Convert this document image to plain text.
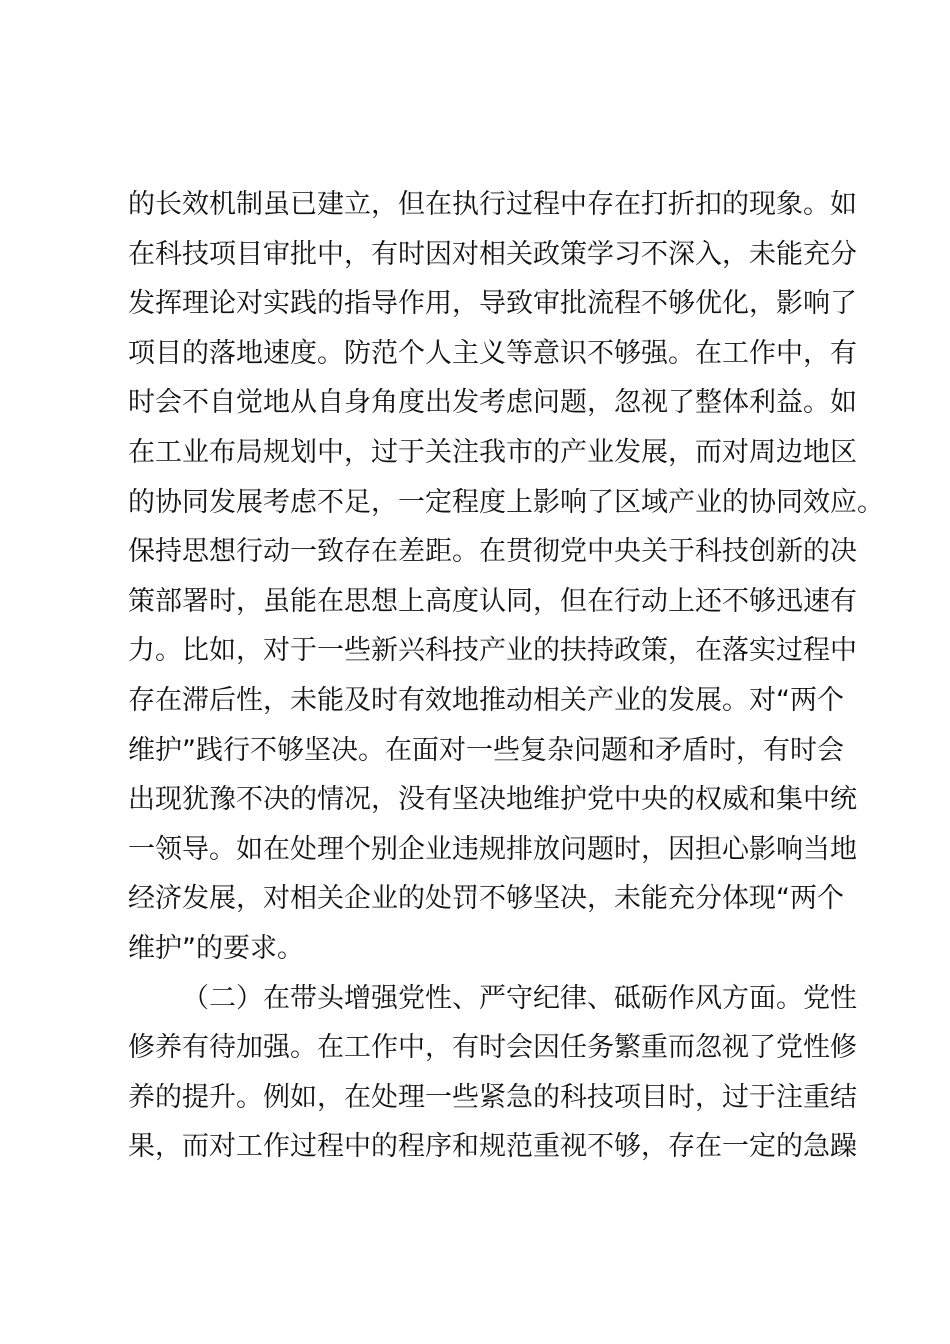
的长效机制虽已建立，但在执行过程中存在打折扣的现象。如
在科技项目审批中，有时因对相关政策学习不深入，未能充分
发挥理论对实践的指导作用，导致审批流程不够优化，影响了
项目的落地速度。防范个人主义等意识不够强。在工作中，有
时会不自觉地从自身角度出发考虑问题，忽视了整体利益。如
在工业布局规划中，过于关注我市的产业发展，而对周边地区
的协同发展考虑不足，一定程度上影响了区域产业的协同效应。
保持思想行动一致存在差距。在贯彻党中央关于科技创新的决
策部署时，虽能在思想上高度认同，但在行动上还不够迅速有
力。比如，对于一些新兴科技产业的扶持政策，在落实过程中
存在滞后性，未能及时有效地推动相关产业的发展。对“两个
维护”践行不够坚决。在面对一些复杂问题和矛盾时，有时会
出现犹豫不决的情况，没有坚决地维护党中央的权威和集中统
一领导。如在处理个别企业违规排放问题时，因担心影响当地
经济发展，对相关企业的处罚不够坚决，未能充分体现“两个
维护”的要求。
（二）在带头增强党性、严守纪律、砥砺作风方面。党性
修养有待加强。在工作中，有时会因任务繁重而忽视了党性修
养的提升。例如，在处理一些紧急的科技项目时，过于注重结
果，而对工作过程中的程序和规范重视不够，存在一定的急躁
